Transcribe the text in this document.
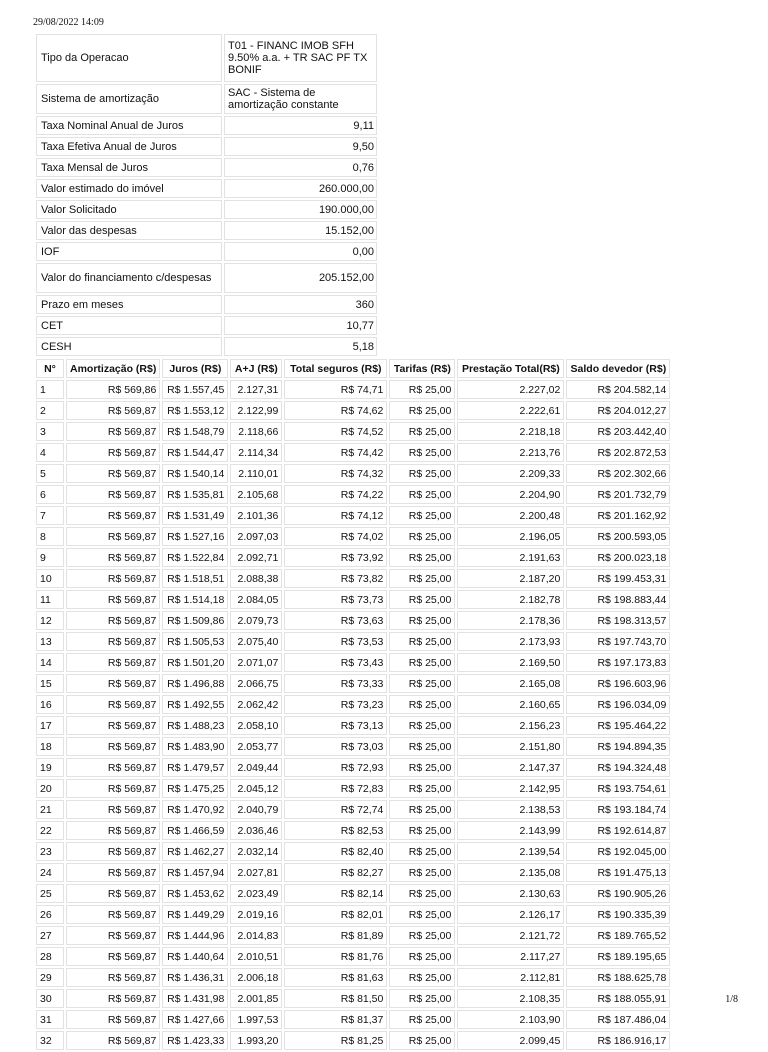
29/08/2022 14:09
Tipo da Operacao	T01 - FINANC IMOB SFH 9.50% a.a. + TR SAC PF TX BONIF
Sistema de amortização	SAC - Sistema de amortização constante
Taxa Nominal Anual de Juros	9,11
Taxa Efetiva Anual de Juros	9,50
Taxa Mensal de Juros	0,76
Valor estimado do imóvel	260.000,00
Valor Solicitado	190.000,00
Valor das despesas	15.152,00
IOF	0,00
Valor do financiamento c/despesas	205.152,00
Prazo em meses	360
CET	10,77
CESH	5,18
N°	Amortização (R$)	Juros (R$)	A+J (R$)	Total seguros (R$)	Tarifas (R$)	Prestação Total(R$)	Saldo devedor (R$)
1	R$ 569,86	R$ 1.557,45	2.127,31	R$ 74,71	R$ 25,00	2.227,02	R$ 204.582,14
2	R$ 569,87	R$ 1.553,12	2.122,99	R$ 74,62	R$ 25,00	2.222,61	R$ 204.012,27
3	R$ 569,87	R$ 1.548,79	2.118,66	R$ 74,52	R$ 25,00	2.218,18	R$ 203.442,40
4	R$ 569,87	R$ 1.544,47	2.114,34	R$ 74,42	R$ 25,00	2.213,76	R$ 202.872,53
5	R$ 569,87	R$ 1.540,14	2.110,01	R$ 74,32	R$ 25,00	2.209,33	R$ 202.302,66
6	R$ 569,87	R$ 1.535,81	2.105,68	R$ 74,22	R$ 25,00	2.204,90	R$ 201.732,79
7	R$ 569,87	R$ 1.531,49	2.101,36	R$ 74,12	R$ 25,00	2.200,48	R$ 201.162,92
8	R$ 569,87	R$ 1.527,16	2.097,03	R$ 74,02	R$ 25,00	2.196,05	R$ 200.593,05
9	R$ 569,87	R$ 1.522,84	2.092,71	R$ 73,92	R$ 25,00	2.191,63	R$ 200.023,18
10	R$ 569,87	R$ 1.518,51	2.088,38	R$ 73,82	R$ 25,00	2.187,20	R$ 199.453,31
11	R$ 569,87	R$ 1.514,18	2.084,05	R$ 73,73	R$ 25,00	2.182,78	R$ 198.883,44
12	R$ 569,87	R$ 1.509,86	2.079,73	R$ 73,63	R$ 25,00	2.178,36	R$ 198.313,57
13	R$ 569,87	R$ 1.505,53	2.075,40	R$ 73,53	R$ 25,00	2.173,93	R$ 197.743,70
14	R$ 569,87	R$ 1.501,20	2.071,07	R$ 73,43	R$ 25,00	2.169,50	R$ 197.173,83
15	R$ 569,87	R$ 1.496,88	2.066,75	R$ 73,33	R$ 25,00	2.165,08	R$ 196.603,96
16	R$ 569,87	R$ 1.492,55	2.062,42	R$ 73,23	R$ 25,00	2.160,65	R$ 196.034,09
17	R$ 569,87	R$ 1.488,23	2.058,10	R$ 73,13	R$ 25,00	2.156,23	R$ 195.464,22
18	R$ 569,87	R$ 1.483,90	2.053,77	R$ 73,03	R$ 25,00	2.151,80	R$ 194.894,35
19	R$ 569,87	R$ 1.479,57	2.049,44	R$ 72,93	R$ 25,00	2.147,37	R$ 194.324,48
20	R$ 569,87	R$ 1.475,25	2.045,12	R$ 72,83	R$ 25,00	2.142,95	R$ 193.754,61
21	R$ 569,87	R$ 1.470,92	2.040,79	R$ 72,74	R$ 25,00	2.138,53	R$ 193.184,74
22	R$ 569,87	R$ 1.466,59	2.036,46	R$ 82,53	R$ 25,00	2.143,99	R$ 192.614,87
23	R$ 569,87	R$ 1.462,27	2.032,14	R$ 82,40	R$ 25,00	2.139,54	R$ 192.045,00
24	R$ 569,87	R$ 1.457,94	2.027,81	R$ 82,27	R$ 25,00	2.135,08	R$ 191.475,13
25	R$ 569,87	R$ 1.453,62	2.023,49	R$ 82,14	R$ 25,00	2.130,63	R$ 190.905,26
26	R$ 569,87	R$ 1.449,29	2.019,16	R$ 82,01	R$ 25,00	2.126,17	R$ 190.335,39
27	R$ 569,87	R$ 1.444,96	2.014,83	R$ 81,89	R$ 25,00	2.121,72	R$ 189.765,52
28	R$ 569,87	R$ 1.440,64	2.010,51	R$ 81,76	R$ 25,00	2.117,27	R$ 189.195,65
29	R$ 569,87	R$ 1.436,31	2.006,18	R$ 81,63	R$ 25,00	2.112,81	R$ 188.625,78
30	R$ 569,87	R$ 1.431,98	2.001,85	R$ 81,50	R$ 25,00	2.108,35	R$ 188.055,91
31	R$ 569,87	R$ 1.427,66	1.997,53	R$ 81,37	R$ 25,00	2.103,90	R$ 187.486,04
32	R$ 569,87	R$ 1.423,33	1.993,20	R$ 81,25	R$ 25,00	2.099,45	R$ 186.916,17
1/8
